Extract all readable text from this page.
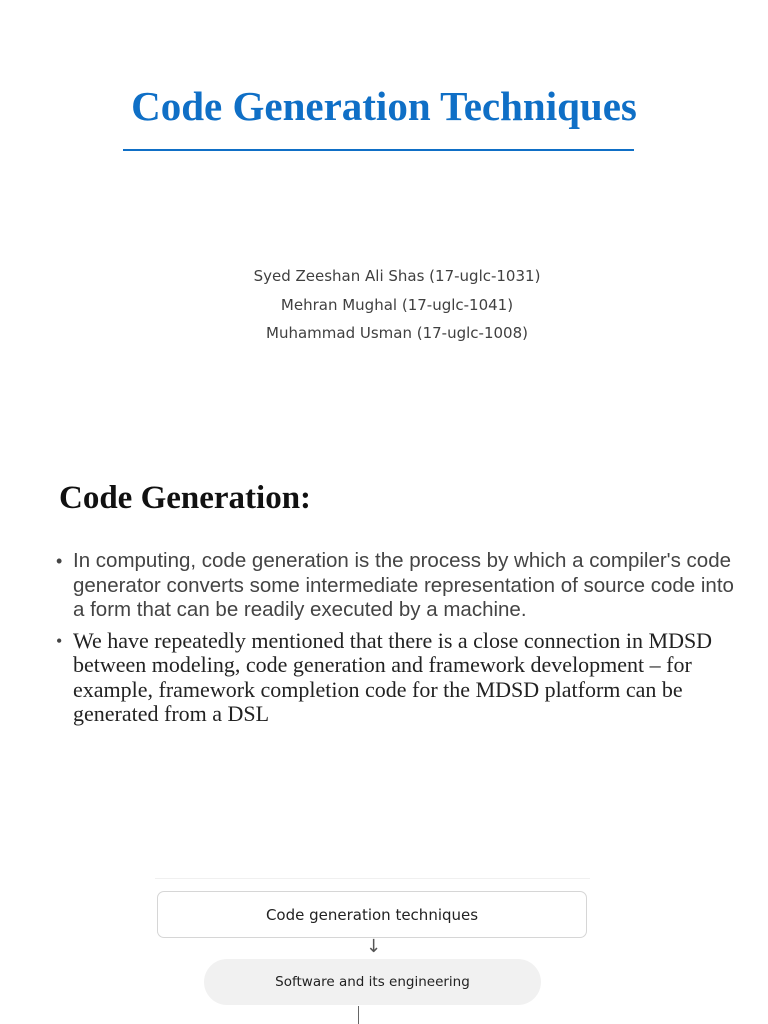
Code Generation Techniques
Syed Zeeshan Ali Shas (17-uglc-1031)
Mehran Mughal (17-uglc-1041)
Muhammad Usman (17-uglc-1008)
Code Generation:
• In computing, code generation is the process by which a compiler's code generator converts some intermediate representation of source code into a form that can be readily executed by a machine.
• We have repeatedly mentioned that there is a close connection in MDSD between modeling, code generation and framework development – for example, framework completion code for the MDSD platform can be generated from a DSL
Code generation techniques
↓
Software and its engineering
